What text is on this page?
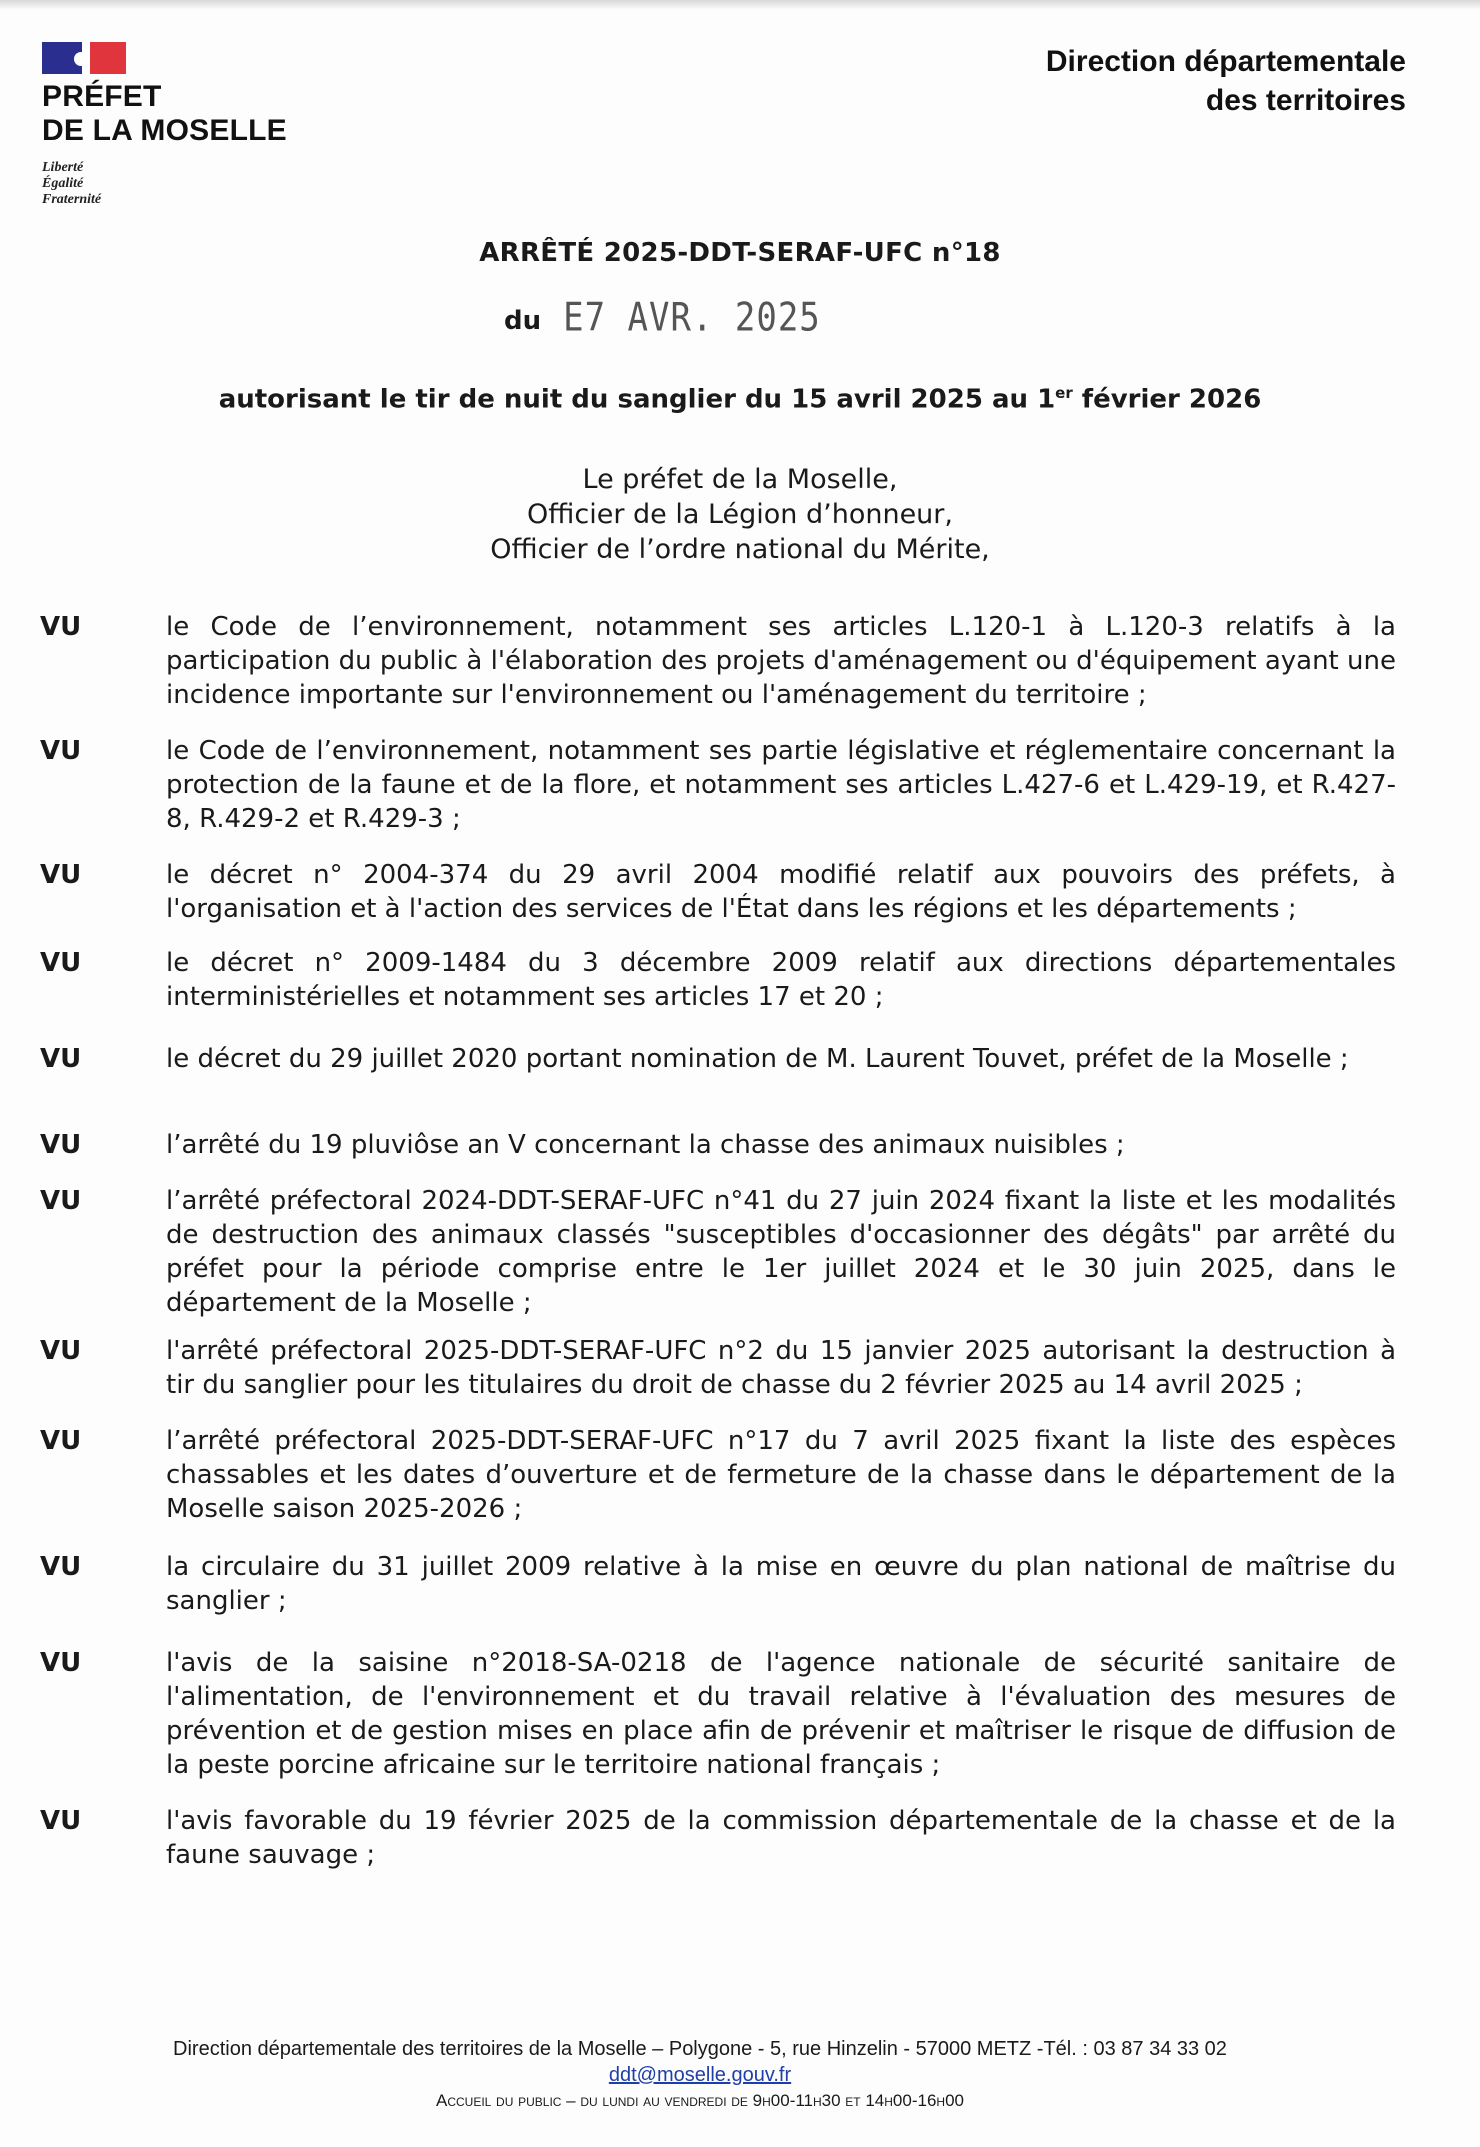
PRÉFET
DE LA MOSELLE
Liberté
Égalité
Fraternité
Direction départementale
des territoires
ARRÊTÉ 2025-DDT-SERAF-UFC n°18
du E7 AVR. 2025
autorisant le tir de nuit du sanglier du 15 avril 2025 au 1er février 2026
Le préfet de la Moselle,
Officier de la Légion d’honneur,
Officier de l’ordre national du Mérite,
VU	le Code de l’environnement, notamment ses articles L.120-1 à L.120-3 relatifs à la participation du public à l'élaboration des projets d'aménagement ou d'équipement ayant une incidence importante sur l'environnement ou l'aménagement du territoire ;
VU	le Code de l’environnement, notamment ses partie législative et réglementaire concernant la protection de la faune et de la flore, et notamment ses articles L.427-6 et L.429-19, et R.427-8, R.429-2 et R.429-3 ;
VU	le décret n° 2004-374 du 29 avril 2004 modifié relatif aux pouvoirs des préfets, à l'organisation et à l'action des services de l'État dans les régions et les départements ;
VU	le décret n° 2009-1484 du 3 décembre 2009 relatif aux directions départementales interministérielles et notamment ses articles 17 et 20 ;
VU	le décret du 29 juillet 2020 portant nomination de M. Laurent Touvet, préfet de la Moselle ;
VU	l’arrêté du 19 pluviôse an V concernant la chasse des animaux nuisibles ;
VU	l’arrêté préfectoral 2024-DDT-SERAF-UFC n°41 du 27 juin 2024 fixant la liste et les modalités de destruction des animaux classés "susceptibles d'occasionner des dégâts" par arrêté du préfet pour la période comprise entre le 1er juillet 2024 et le 30 juin 2025, dans le département de la Moselle ;
VU	l'arrêté préfectoral 2025-DDT-SERAF-UFC n°2 du 15 janvier 2025 autorisant la destruction à tir du sanglier pour les titulaires du droit de chasse du 2 février 2025 au 14 avril 2025 ;
VU	l’arrêté préfectoral 2025-DDT-SERAF-UFC n°17 du 7 avril 2025 fixant la liste des espèces chassables et les dates d’ouverture et de fermeture de la chasse dans le département de la Moselle saison 2025-2026 ;
VU	la circulaire du 31 juillet 2009 relative à la mise en œuvre du plan national de maîtrise du sanglier ;
VU	l'avis de la saisine n°2018-SA-0218 de l'agence nationale de sécurité sanitaire de l'alimentation, de l'environnement et du travail relative à l'évaluation des mesures de prévention et de gestion mises en place afin de prévenir et maîtriser le risque de diffusion de la peste porcine africaine sur le territoire national français ;
VU	l'avis favorable du 19 février 2025 de la commission départementale de la chasse et de la faune sauvage ;
Direction départementale des territoires de la Moselle – Polygone - 5, rue Hinzelin - 57000 METZ -Tél. : 03 87 34 33 02
ddt@moselle.gouv.fr
Accueil du public – du lundi au vendredi de 9h00-11h30 et 14h00-16h00
